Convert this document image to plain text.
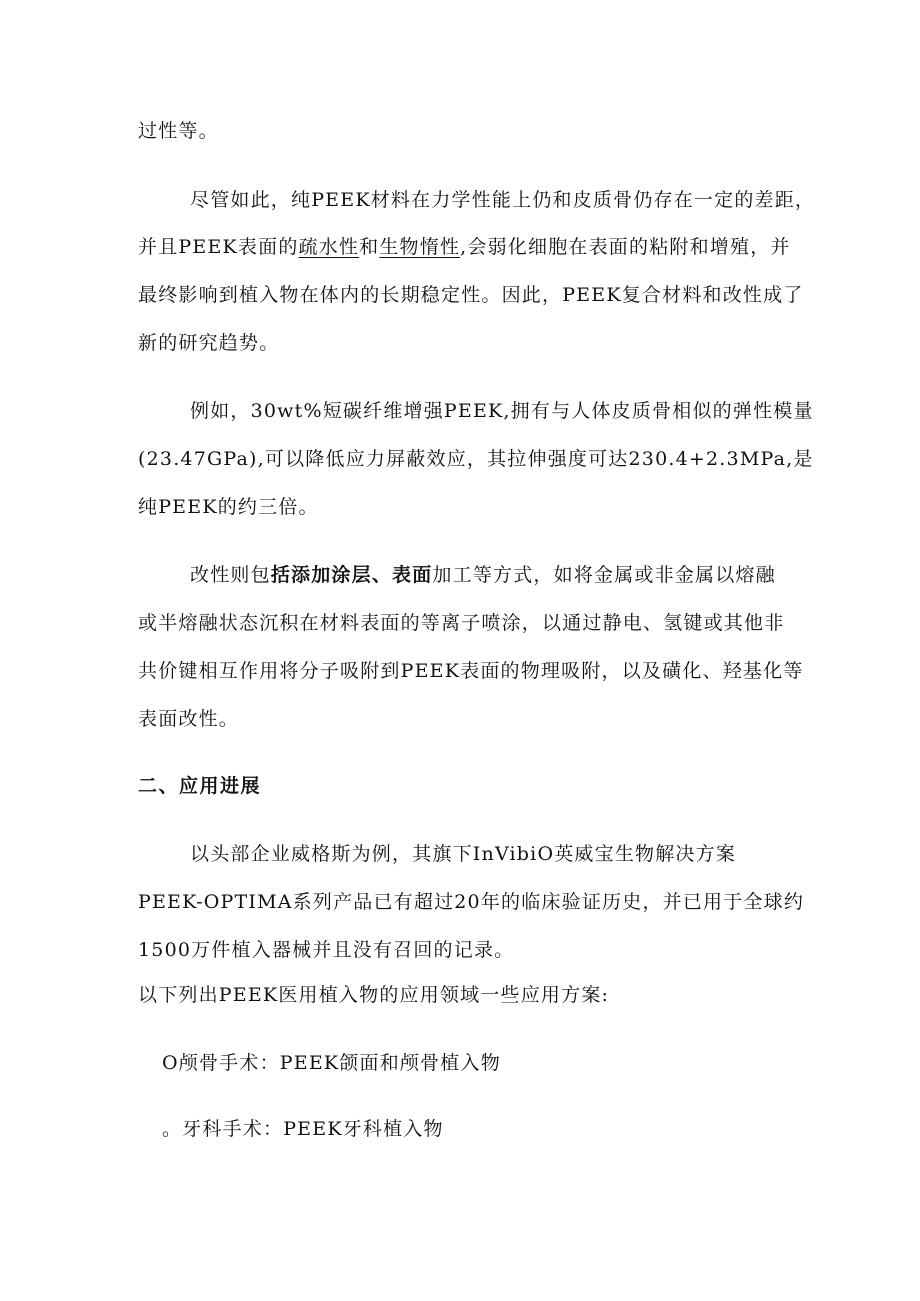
过性等。
尽管如此，纯PEEK材料在力学性能上仍和皮质骨仍存在一定的差距，
并且PEEK表面的疏水性和生物惰性,会弱化细胞在表面的粘附和增殖，并
最终影响到植入物在体内的长期稳定性。因此，PEEK复合材料和改性成了
新的研究趋势。
例如，30wt%短碳纤维增强PEEK,拥有与人体皮质骨相似的弹性模量
(23.47GPa),可以降低应力屏蔽效应，其拉伸强度可达230.4+2.3MPa,是
纯PEEK的约三倍。
改性则包括添加涂层、表面加工等方式，如将金属或非金属以熔融
或半熔融状态沉积在材料表面的等离子喷涂，以通过静电、氢键或其他非
共价键相互作用将分子吸附到PEEK表面的物理吸附，以及磺化、羟基化等
表面改性。
二、应用进展
以头部企业威格斯为例，其旗下InVibiO英威宝生物解决方案
PEEK-OPTIMA系列产品已有超过20年的临床验证历史，并已用于全球约
1500万件植入器械并且没有召回的记录。
以下列出PEEK医用植入物的应用领域一些应用方案:
O颅骨手术：PEEK颌面和颅骨植入物
。牙科手术：PEEK牙科植入物
